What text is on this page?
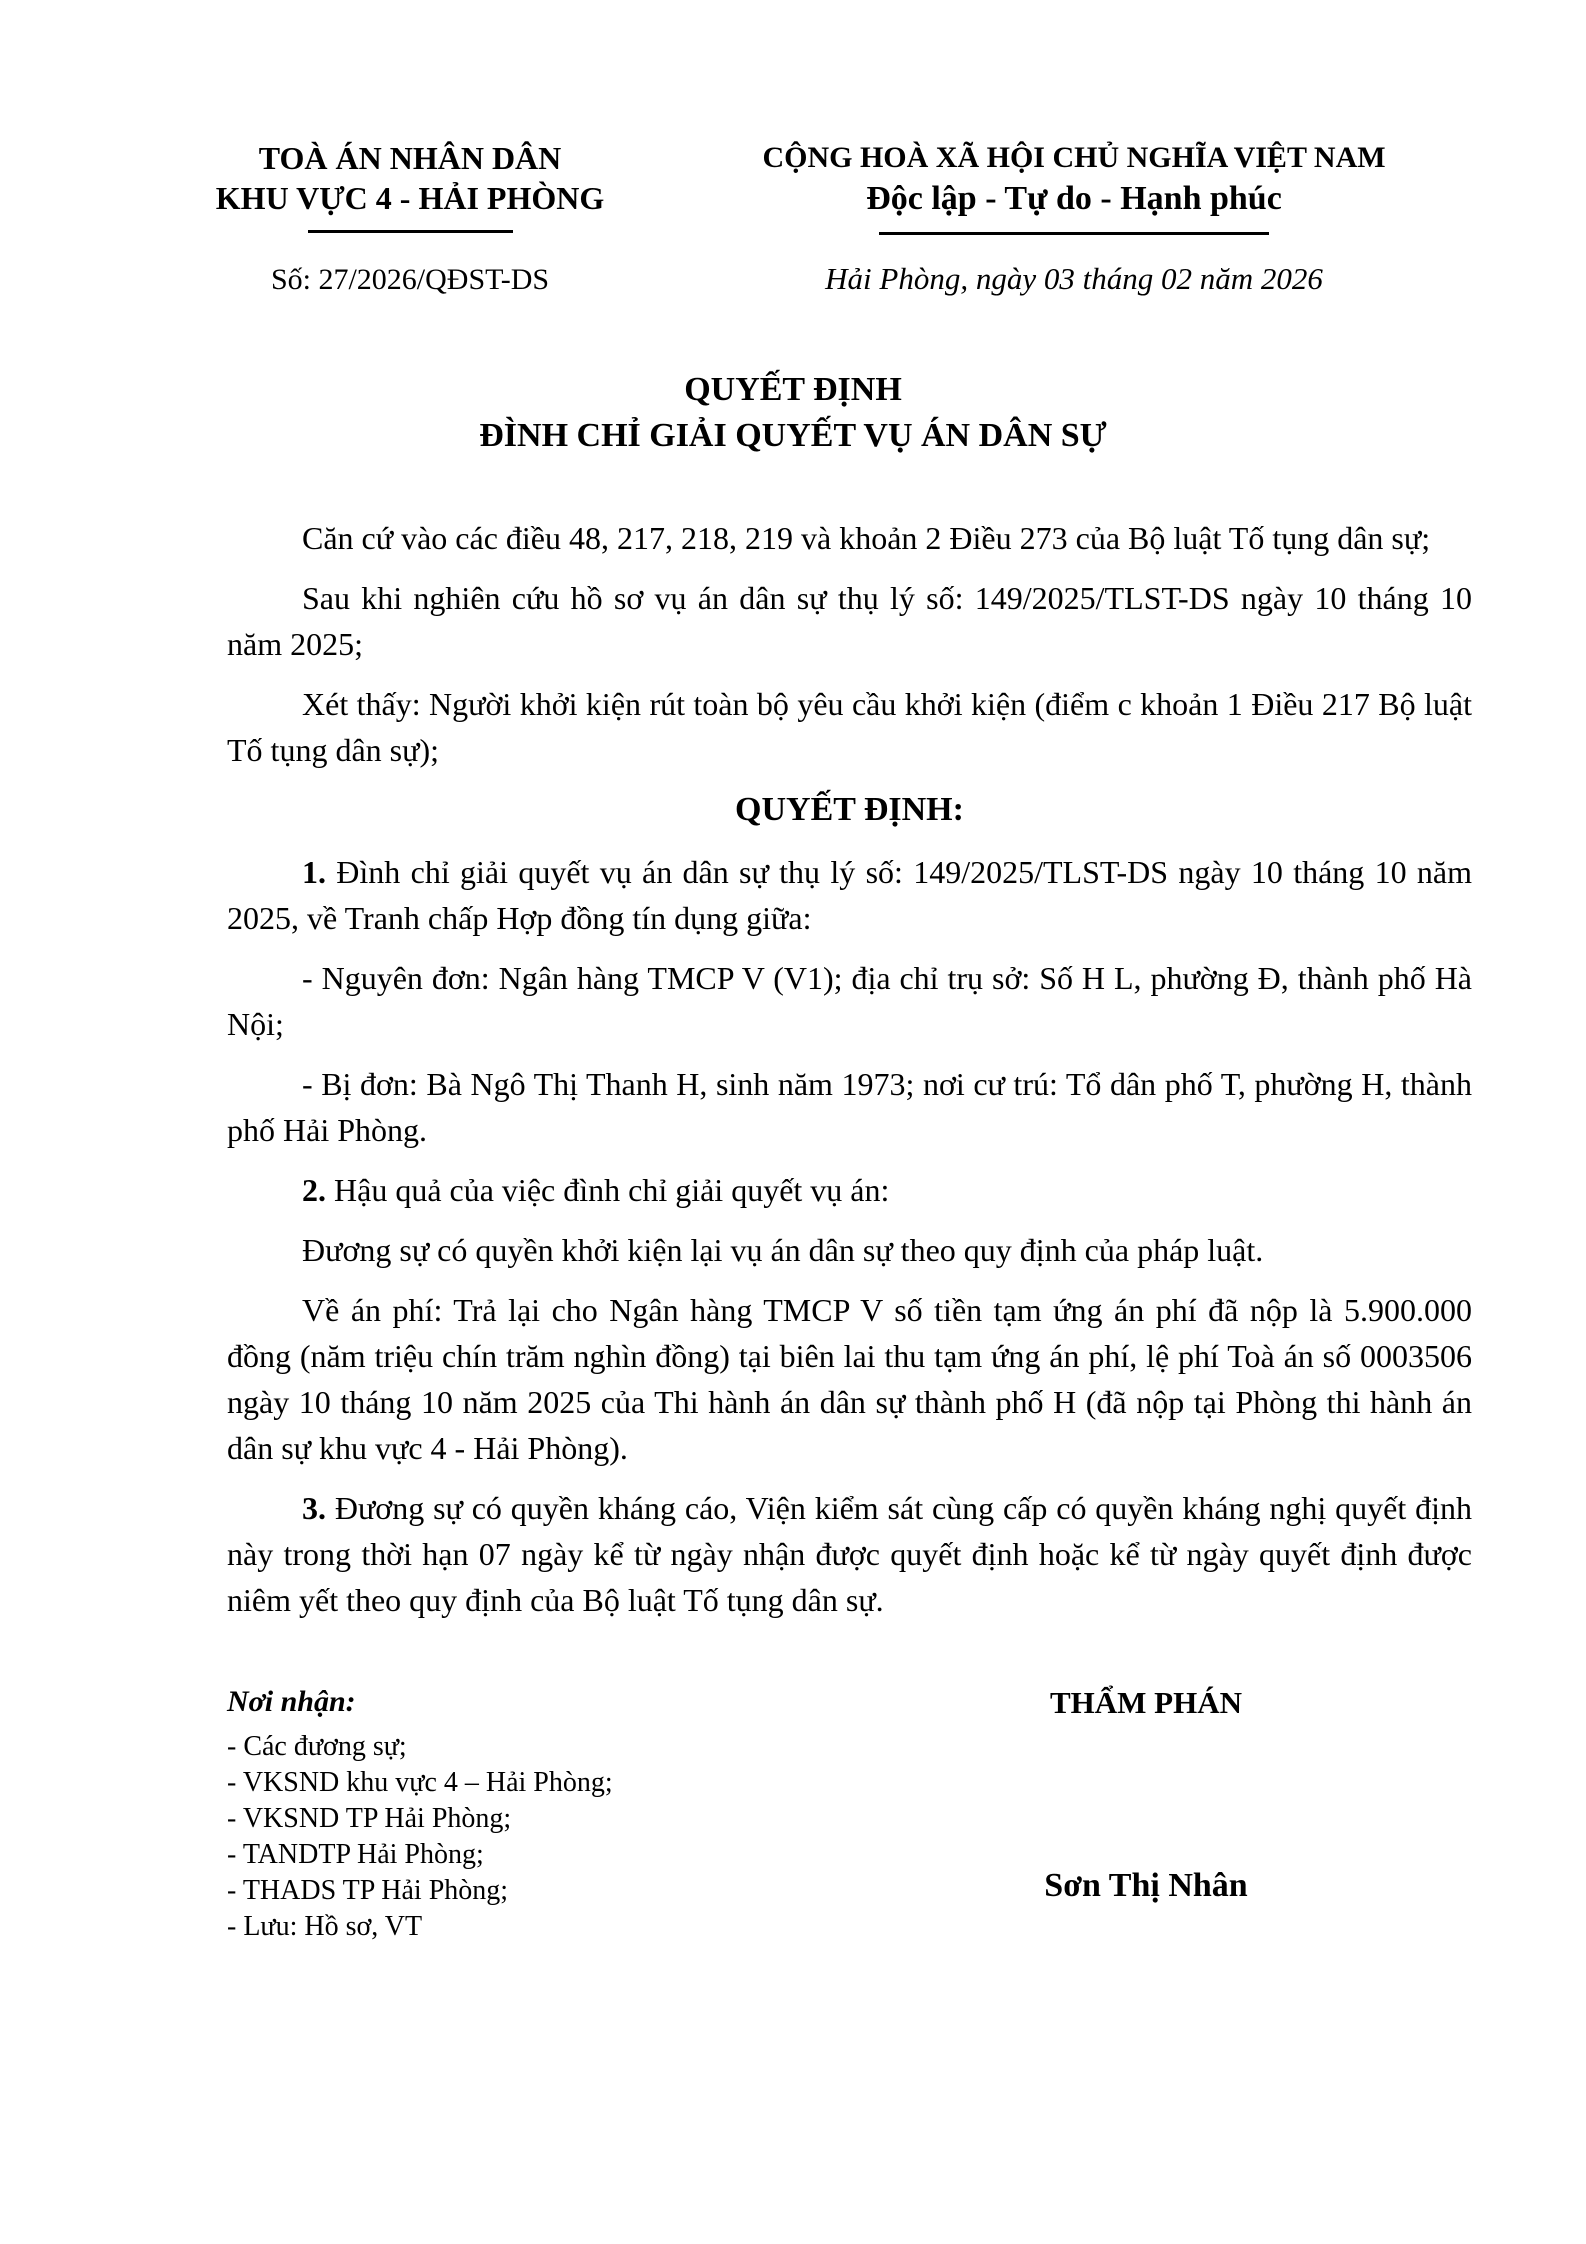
TOÀ ÁN NHÂN DÂN
KHU VỰC 4 - HẢI PHÒNG
Số: 27/2026/QĐST-DS
CỘNG HOÀ XÃ HỘI CHỦ NGHĨA VIỆT NAM
Độc lập - Tự do - Hạnh phúc
Hải Phòng, ngày 03 tháng 02 năm 2026
QUYẾT ĐỊNH
ĐÌNH CHỈ GIẢI QUYẾT VỤ ÁN DÂN SỰ

Căn cứ vào các điều 48, 217, 218, 219 và khoản 2 Điều 273 của Bộ luật Tố tụng dân sự;

Sau khi nghiên cứu hồ sơ vụ án dân sự thụ lý số: 149/2025/TLST-DS ngày 10 tháng 10 năm 2025;

Xét thấy: Người khởi kiện rút toàn bộ yêu cầu khởi kiện (điểm c khoản 1 Điều 217 Bộ luật Tố tụng dân sự);

QUYẾT ĐỊNH:

1. Đình chỉ giải quyết vụ án dân sự thụ lý số: 149/2025/TLST-DS ngày 10 tháng 10 năm 2025, về Tranh chấp Hợp đồng tín dụng giữa:

- Nguyên đơn: Ngân hàng TMCP V (V1); địa chỉ trụ sở: Số H L, phường Đ, thành phố Hà Nội;

- Bị đơn: Bà Ngô Thị Thanh H, sinh năm 1973; nơi cư trú: Tổ dân phố T, phường H, thành phố Hải Phòng.

2. Hậu quả của việc đình chỉ giải quyết vụ án:

Đương sự có quyền khởi kiện lại vụ án dân sự theo quy định của pháp luật.

Về án phí: Trả lại cho Ngân hàng TMCP V số tiền tạm ứng án phí đã nộp là 5.900.000 đồng (năm triệu chín trăm nghìn đồng) tại biên lai thu tạm ứng án phí, lệ phí Toà án số 0003506 ngày 10 tháng 10 năm 2025 của Thi hành án dân sự thành phố H (đã nộp tại Phòng thi hành án dân sự khu vực 4 - Hải Phòng).

3. Đương sự có quyền kháng cáo, Viện kiểm sát cùng cấp có quyền kháng nghị quyết định này trong thời hạn 07 ngày kể từ ngày nhận được quyết định hoặc kể từ ngày quyết định được niêm yết theo quy định của Bộ luật Tố tụng dân sự.

Nơi nhận:
- Các đương sự;
- VKSND khu vực 4 – Hải Phòng;
- VKSND TP Hải Phòng;
- TANDTP Hải Phòng;
- THADS TP Hải Phòng;
- Lưu: Hồ sơ, VT
THẨM PHÁN
Sơn Thị Nhân
